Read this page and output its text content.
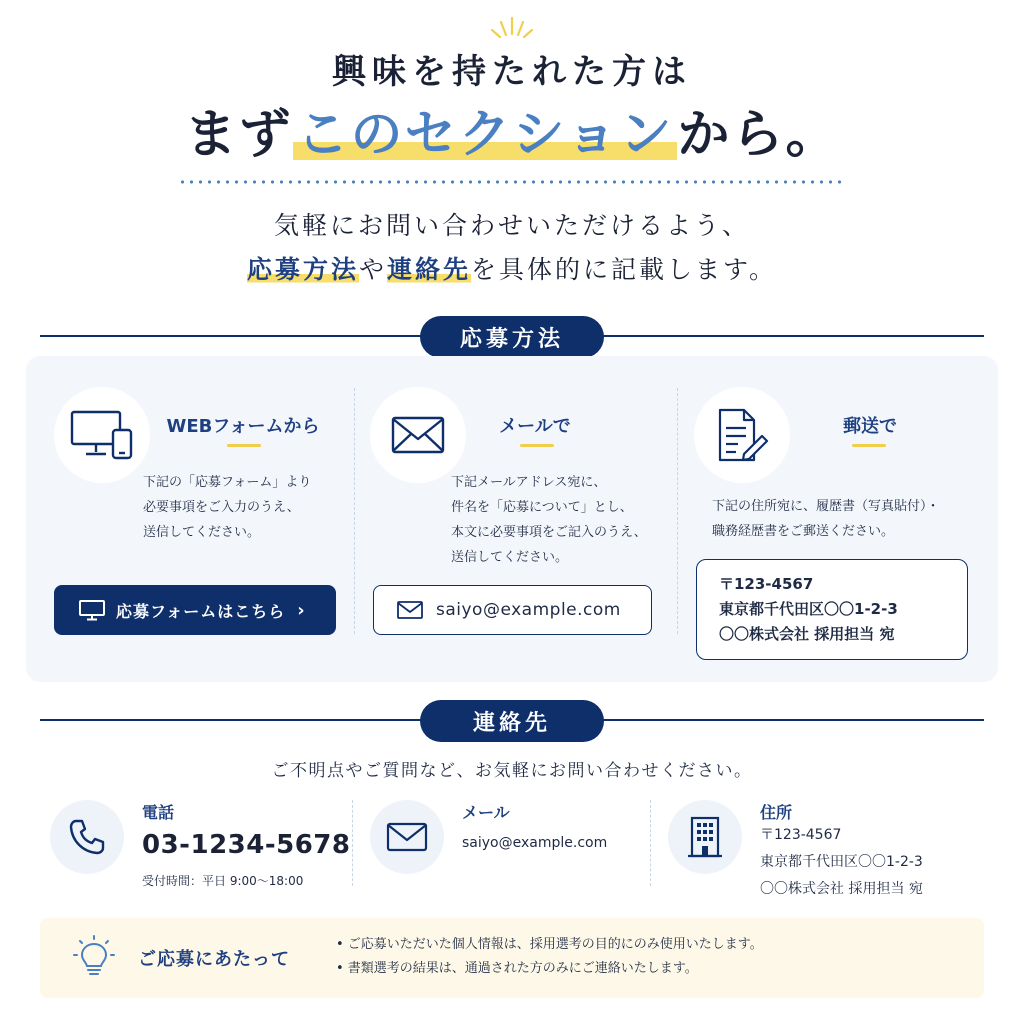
興味を持たれた方は
まずこのセクションから。
気軽にお問い合わせいただけるよう、
応募方法や連絡先を具体的に記載します。
応募方法
WEBフォームから
下記の「応募フォーム」より
必要事項をご入力のうえ、
送信してください。
応募フォームはこちら ›
メールで
下記メールアドレス宛に、
件名を「応募について」とし、
本文に必要事項をご記入のうえ、
送信してください。
saiyo@example.com
郵送で
下記の住所宛に、履歴書（写真貼付）・
職務経歴書をご郵送ください。
〒123-4567
東京都千代田区〇〇1-2-3
〇〇株式会社 採用担当 宛
連絡先
ご不明点やご質問など、お気軽にお問い合わせください。
電話
03-1234-5678
受付時間：平日 9:00〜18:00
メール
saiyo@example.com
住所
〒123-4567
東京都千代田区〇〇1-2-3
〇〇株式会社 採用担当 宛
ご応募にあたって
• ご応募いただいた個人情報は、採用選考の目的にのみ使用いたします。
• 書類選考の結果は、通過された方のみにご連絡いたします。
